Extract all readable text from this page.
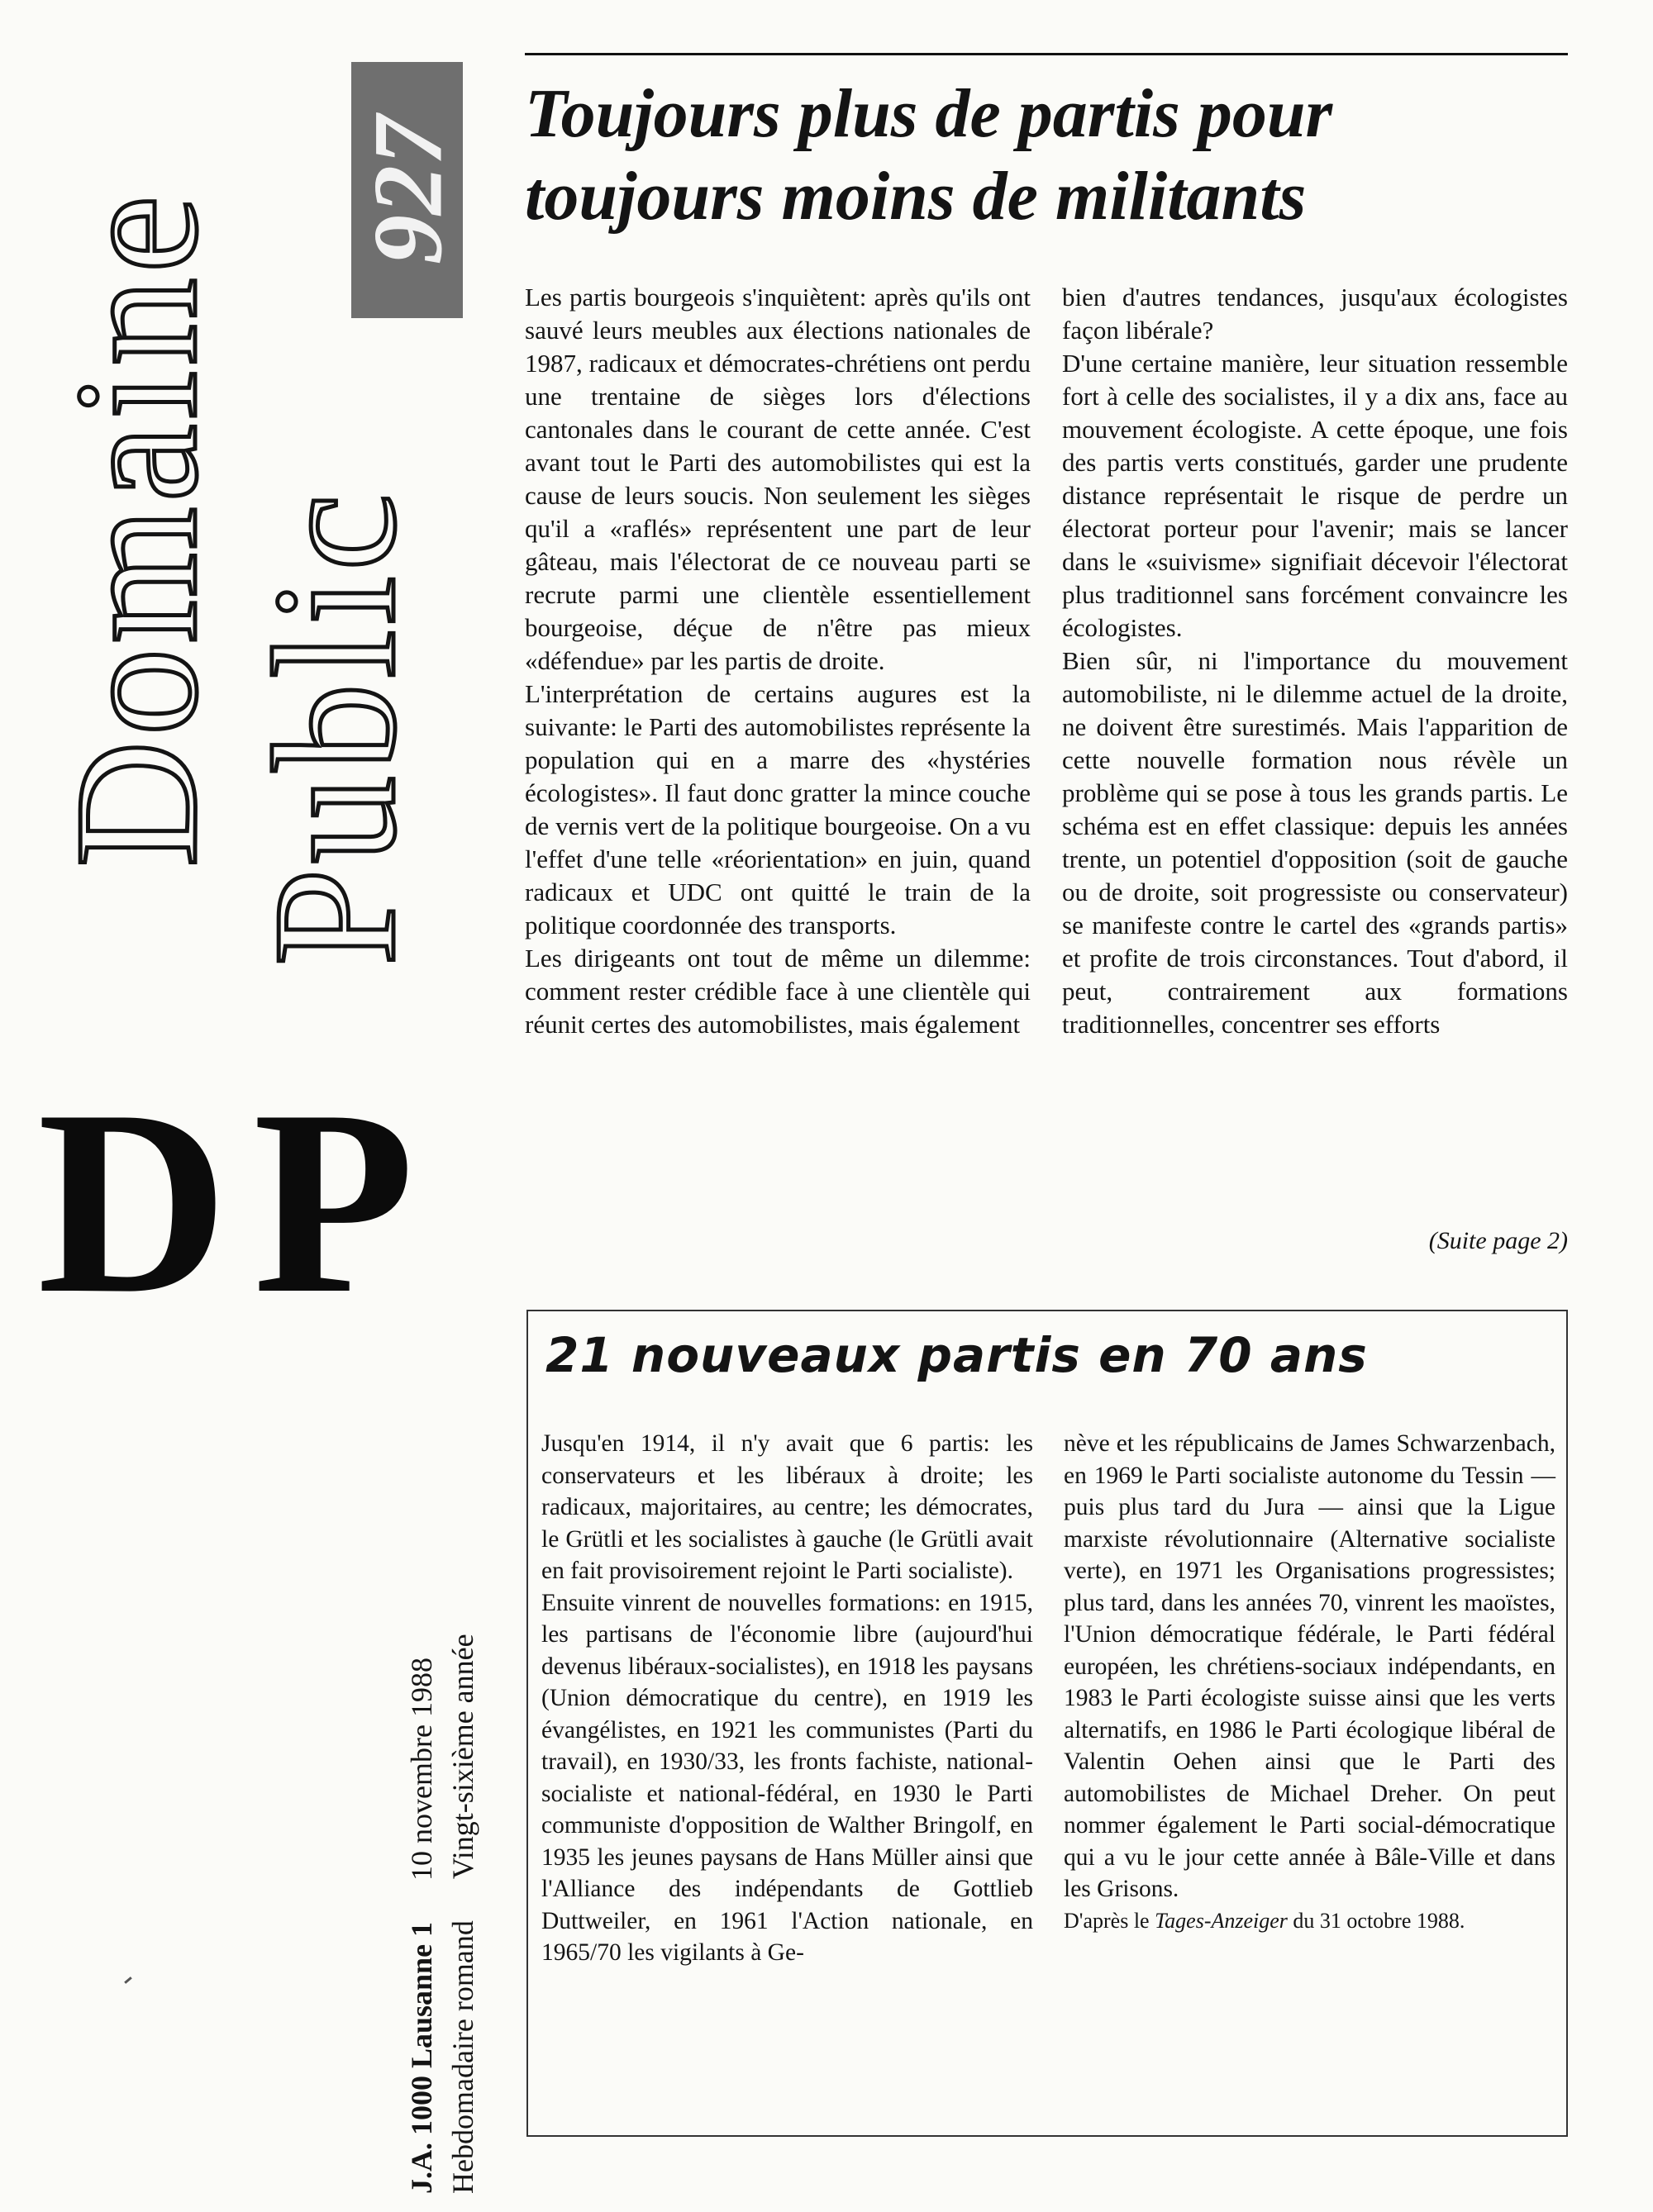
Domaine Public
927
DP
J.A. 1000 Lausanne 1
10 novembre 1988
Hebdomadaire romand
Vingt-sixième année
Toujours plus de partis pour toujours moins de militants

Les partis bourgeois s'inquiètent: après qu'ils ont sauvé leurs meubles aux élections nationales de 1987, radicaux et démocrates-chrétiens ont perdu une trentaine de sièges lors d'élections cantonales dans le courant de cette année. C'est avant tout le Parti des automobilistes qui est la cause de leurs soucis. Non seulement les sièges qu'il a «raflés» représentent une part de leur gâteau, mais l'électorat de ce nouveau parti se recrute parmi une clientèle essentiellement bourgeoise, déçue de n'être pas mieux «défendue» par les partis de droite.

L'interprétation de certains augures est la suivante: le Parti des automobilistes représente la population qui en a marre des «hystéries écologistes». Il faut donc gratter la mince couche de vernis vert de la politique bourgeoise. On a vu l'effet d'une telle «réorientation» en juin, quand radicaux et UDC ont quitté le train de la politique coordonnée des transports.

Les dirigeants ont tout de même un dilemme: comment rester crédible face à une clientèle qui réunit certes des automobilistes, mais également

bien d'autres tendances, jusqu'aux écologistes façon libérale?

D'une certaine manière, leur situation ressemble fort à celle des socialistes, il y a dix ans, face au mouvement écologiste. A cette époque, une fois des partis verts constitués, garder une prudente distance représentait le risque de perdre un électorat porteur pour l'avenir; mais se lancer dans le «suivisme» signifiait décevoir l'électorat plus traditionnel sans forcément convaincre les écologistes.

Bien sûr, ni l'importance du mouvement automobiliste, ni le dilemme actuel de la droite, ne doivent être surestimés. Mais l'apparition de cette nouvelle formation nous révèle un problème qui se pose à tous les grands partis. Le schéma est en effet classique: depuis les années trente, un potentiel d'opposition (soit de gauche ou de droite, soit progressiste ou conservateur) se manifeste contre le cartel des «grands partis» et profite de trois circonstances. Tout d'abord, il peut, contrairement aux formations traditionnelles, concentrer ses efforts

(Suite page 2)
21 nouveaux partis en 70 ans

Jusqu'en 1914, il n'y avait que 6 partis: les conservateurs et les libéraux à droite; les radicaux, majoritaires, au centre; les démocrates, le Grütli et les socialistes à gauche (le Grütli avait en fait provisoirement rejoint le Parti socialiste).

Ensuite vinrent de nouvelles formations: en 1915, les partisans de l'économie libre (aujourd'hui devenus libéraux-socialistes), en 1918 les paysans (Union démocratique du centre), en 1919 les évangélistes, en 1921 les communistes (Parti du travail), en 1930/33, les fronts fachiste, national-socialiste et national-fédéral, en 1930 le Parti communiste d'opposition de Walther Bringolf, en 1935 les jeunes paysans de Hans Müller ainsi que l'Alliance des indépendants de Gottlieb Duttweiler, en 1961 l'Action nationale, en 1965/70 les vigilants à Ge-

nève et les républicains de James Schwarzenbach, en 1969 le Parti socialiste autonome du Tessin — puis plus tard du Jura — ainsi que la Ligue marxiste révolutionnaire (Alternative socialiste verte), en 1971 les Organisations progressistes; plus tard, dans les années 70, vinrent les maoïstes, l'Union démocratique fédérale, le Parti fédéral européen, les chrétiens-sociaux indépendants, en 1983 le Parti écologiste suisse ainsi que les verts alternatifs, en 1986 le Parti écologique libéral de Valentin Oehen ainsi que le Parti des automobilistes de Michael Dreher. On peut nommer également le Parti social-démocratique qui a vu le jour cette année à Bâle-Ville et dans les Grisons.

D'après le Tages-Anzeiger du 31 octobre 1988.
